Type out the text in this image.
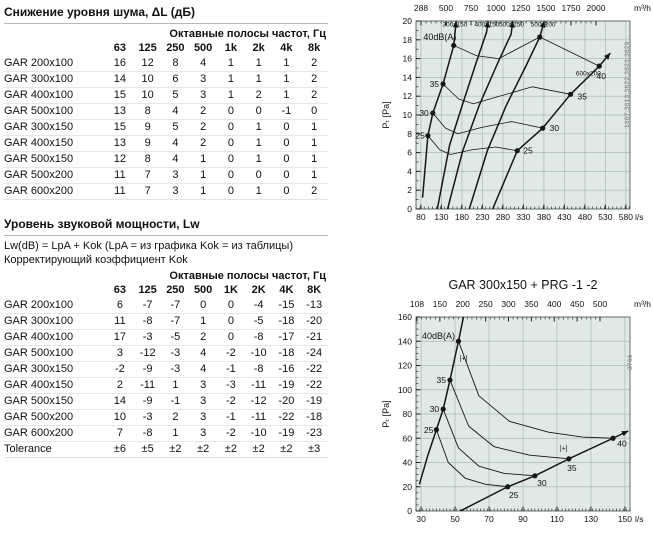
Снижение уровня шума, ΔL (дБ)
Октавные полосы частот, Гц
	63	125	250	500	1k	2k	4k	8k
GAR 200x100	16	12	8	4	1	1	1	2
GAR 300x100	14	10	6	3	1	1	1	2
GAR 400x100	15	10	5	3	1	2	1	2
GAR 500x100	13	8	4	2	0	0	-1	0
GAR 300x150	15	9	5	2	0	1	0	1
GAR 400x150	13	9	4	2	0	1	0	1
GAR 500x150	12	8	4	1	0	1	0	1
GAR 500x200	11	7	3	1	0	0	0	1
GAR 600x200	11	7	3	1	0	1	0	2
Уровень звуковой мощности, Lw
Lw(dB) = LpA + Kok (LpA = из графика Kok = из таблицы)
Корректирующий коэффициент Kok
Октавные полосы частот, Гц
	63	125	250	500	1K	2K	4K	8K
GAR 200x100	6	-7	-7	0	0	-4	-15	-13
GAR 300x100	11	-8	-7	1	0	-5	-18	-20
GAR 400x100	17	-3	-5	2	0	-8	-17	-21
GAR 500x100	3	-12	-3	4	-2	-10	-18	-24
GAR 300x150	-2	-9	-3	4	-1	-8	-16	-22
GAR 400x150	2	-11	1	3	-3	-11	-19	-22
GAR 500x150	14	-9	-1	3	-2	-12	-20	-19
GAR 500x200	10	-3	2	3	-1	-11	-22	-18
GAR 600x200	7	-8	1	3	-2	-10	-19	-23
Tolerance	±6	±5	±2	±2	±2	±2	±2	±3
80 130 180 230 280 330 380 430 480 530 580 l/s
0
2
4
6
8
10
12
14
16
18
20
Pₜ [Pa]
288 500 750 1000 1250 1500 1750 2000	m³/h
25
30
35
25
30
35
40
40dB(A)
300x150 400x150 500x150 500x200
600x200
30	50	70	90	110 130 150 l/s
0
20
40
60
80
100
120
140
160
Pₜ [Pa]
108 150 200 250 300 350 400 450 500	m³/h
GAR 300x150 + PRG -1 -2
25
30
35
25
30
35
40
40dB(A)
|+|
|+|
1607,3613,3622,3623,3629
3766
